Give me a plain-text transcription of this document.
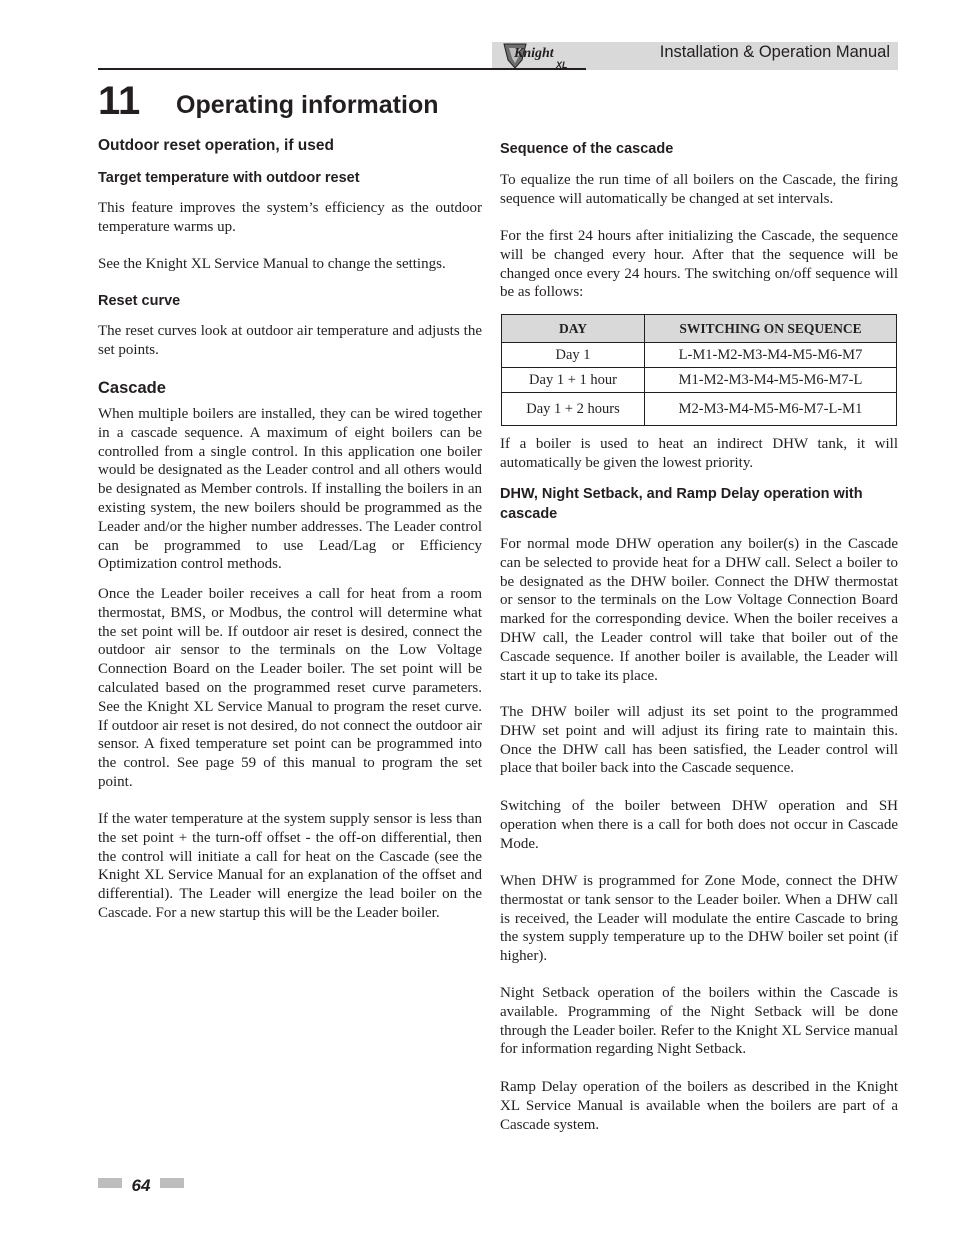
Knight
XL
Installation & Operation Manual
11 Operating information
Outdoor reset operation, if used
Target temperature with outdoor reset

This feature improves the system’s efficiency as the outdoor temperature warms up.

See the Knight XL Service Manual to change the settings.

Reset curve

The reset curves look at outdoor air temperature and adjusts the set points.

Cascade

When multiple boilers are installed, they can be wired together in a cascade sequence. A maximum of eight boilers can be controlled from a single control. In this application one boiler would be designated as the Leader control and all others would be designated as Member controls. If installing the boilers in an existing system, the new boilers should be programmed as the Leader and/or the higher number addresses. The Leader control can be programmed to use Lead/Lag or Efficiency Optimization control methods.

Once the Leader boiler receives a call for heat from a room thermostat, BMS, or Modbus, the control will determine what the set point will be. If outdoor air reset is desired, connect the outdoor air sensor to the terminals on the Low Voltage Connection Board on the Leader boiler. The set point will be calculated based on the programmed reset curve parameters. See the Knight XL Service Manual to program the reset curve. If outdoor air reset is not desired, do not connect the outdoor air sensor. A fixed temperature set point can be programmed into the control. See page 59 of this manual to program the set point.

If the water temperature at the system supply sensor is less than the set point + the turn-off offset - the off-on differential, then the control will initiate a call for heat on the Cascade (see the Knight XL Service Manual for an explanation of the offset and differential). The Leader will energize the lead boiler on the Cascade. For a new startup this will be the Leader boiler.

Sequence of the cascade

To equalize the run time of all boilers on the Cascade, the firing sequence will automatically be changed at set intervals.

For the first 24 hours after initializing the Cascade, the sequence will be changed every hour. After that the sequence will be changed once every 24 hours. The switching on/off sequence will be as follows:

DAY	SWITCHING ON SEQUENCE
Day 1	L-M1-M2-M3-M4-M5-M6-M7
Day 1 + 1 hour	M1-M2-M3-M4-M5-M6-M7-L
Day 1 + 2 hours	M2-M3-M4-M5-M6-M7-L-M1

If a boiler is used to heat an indirect DHW tank, it will automatically be given the lowest priority.

DHW, Night Setback, and Ramp Delay operation with cascade

For normal mode DHW operation any boiler(s) in the Cascade can be selected to provide heat for a DHW call. Select a boiler to be designated as the DHW boiler. Connect the DHW thermostat or sensor to the terminals on the Low Voltage Connection Board marked for the corresponding device. When the boiler receives a DHW call, the Leader control will take that boiler out of the Cascade sequence. If another boiler is available, the Leader will start it up to take its place.

The DHW boiler will adjust its set point to the programmed DHW set point and will adjust its firing rate to maintain this. Once the DHW call has been satisfied, the Leader control will place that boiler back into the Cascade sequence.

Switching of the boiler between DHW operation and SH operation when there is a call for both does not occur in Cascade Mode.

When DHW is programmed for Zone Mode, connect the DHW thermostat or tank sensor to the Leader boiler. When a DHW call is received, the Leader will modulate the entire Cascade to bring the system supply temperature up to the DHW boiler set point (if higher).

Night Setback operation of the boilers within the Cascade is available. Programming of the Night Setback will be done through the Leader boiler. Refer to the Knight XL Service manual for information regarding Night Setback.

Ramp Delay operation of the boilers as described in the Knight XL Service Manual is available when the boilers are part of a Cascade system.

64
